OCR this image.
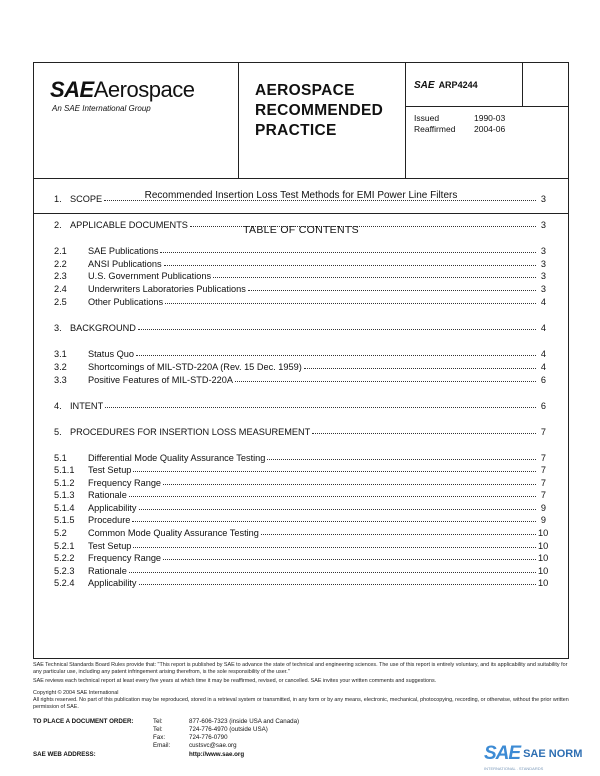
SAEAerospace
An SAE International Group
AEROSPACE RECOMMENDED PRACTICE
SAE ARP4244
Issued	1990-03
Reaffirmed	2004-06
Recommended Insertion Loss Test Methods for EMI Power Line Filters
TABLE OF CONTENTS
1. SCOPE	3
2. APPLICABLE DOCUMENTS	3
2.1	SAE Publications	3
2.2	ANSI Publications	3
2.3	U.S. Government Publications	3
2.4	Underwriters Laboratories Publications	3
2.5	Other Publications	4
3. BACKGROUND	4
3.1	Status Quo	4
3.2	Shortcomings of MIL-STD-220A (Rev. 15 Dec. 1959)	4
3.3	Positive Features of MIL-STD-220A	6
4. INTENT	6
5. PROCEDURES FOR INSERTION LOSS MEASUREMENT	7
5.1	Differential Mode Quality Assurance Testing	7
5.1.1	Test Setup	7
5.1.2	Frequency Range	7
5.1.3	Rationale	7
5.1.4	Applicability	9
5.1.5	Procedure	9
5.2	Common Mode Quality Assurance Testing	10
5.2.1	Test Setup	10
5.2.2	Frequency Range	10
5.2.3	Rationale	10
5.2.4	Applicability	10
SAE Technical Standards Board Rules provide that: "This report is published by SAE to advance the state of technical and engineering sciences. The use of this report is entirely voluntary, and its applicability and suitability for any particular use, including any patent infringement arising therefrom, is the sole responsibility of the user."
SAE reviews each technical report at least every five years at which time it may be reaffirmed, revised, or cancelled. SAE invites your written comments and suggestions.
Copyright © 2004 SAE International
All rights reserved. No part of this publication may be reproduced, stored in a retrieval system or transmitted, in any form or by any means, electronic, mechanical, photocopying, recording, or otherwise, without the prior written permission of SAE.
TO PLACE A DOCUMENT ORDER:	Tel:	877-606-7323 (inside USA and Canada)
Tel:	724-776-4970 (outside USA)
Fax:	724-776-0790
Email:	custsvc@sae.org
SAE WEB ADDRESS:	http://www.sae.org	SAE SAE NORM
INTERNATIONAL . STANDARDS
